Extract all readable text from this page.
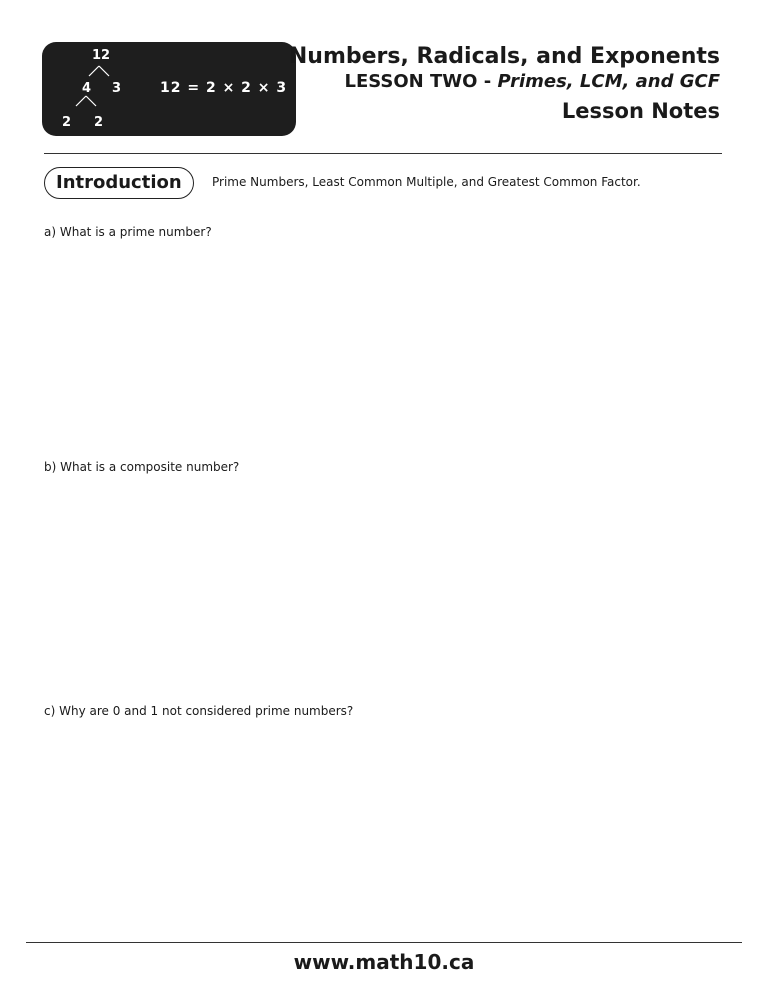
12
4 3
2 2
12 = 2 × 2 × 3
Numbers, Radicals, and Exponents
LESSON TWO - Primes, LCM, and GCF
Lesson Notes
Introduction	Prime Numbers, Least Common Multiple, and Greatest Common Factor.
a) What is a prime number?
b) What is a composite number?
c) Why are 0 and 1 not considered prime numbers?
www.math10.ca
